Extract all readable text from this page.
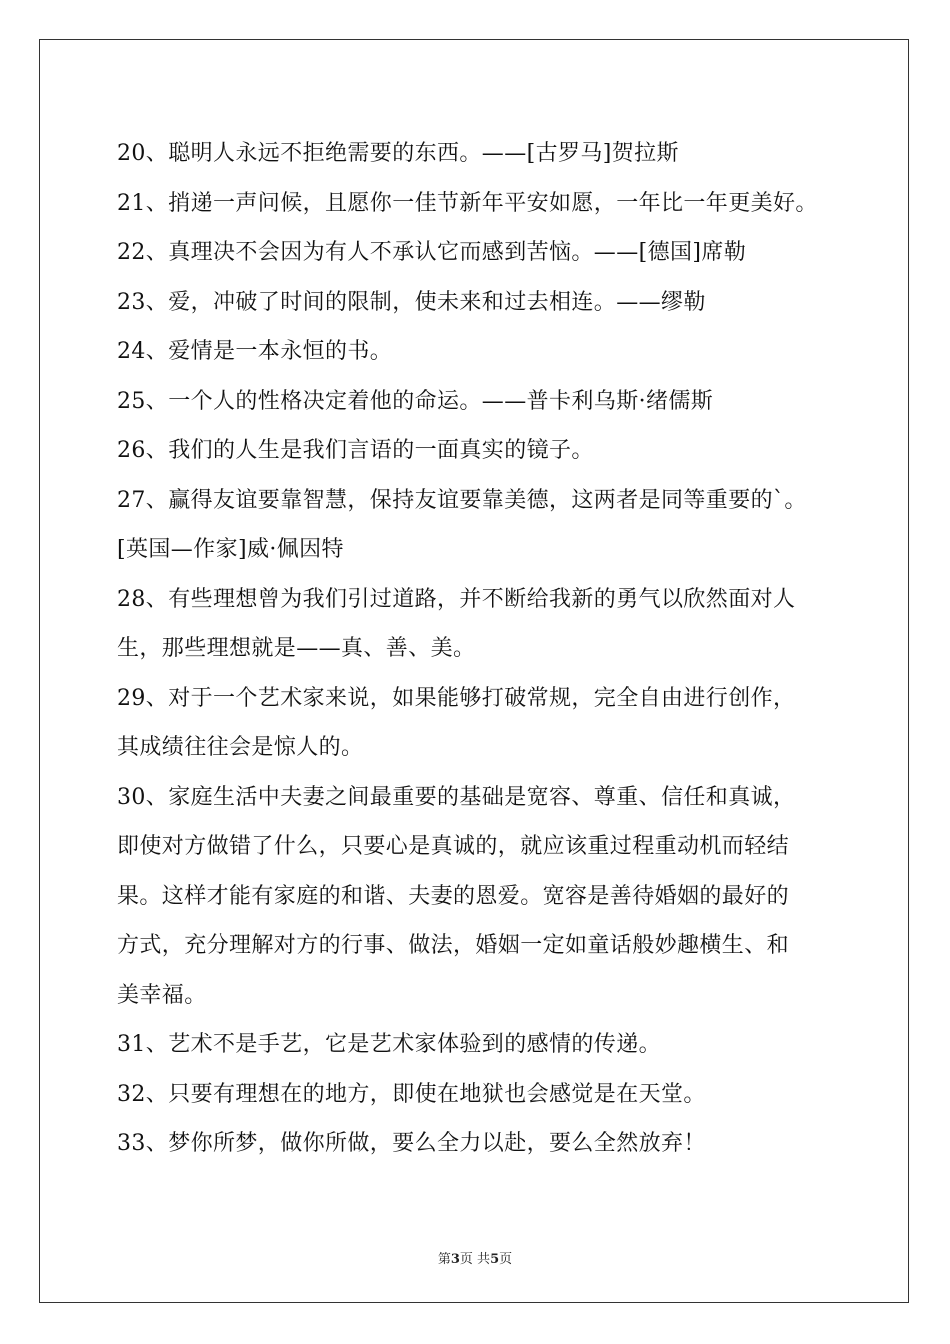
20、聪明人永远不拒绝需要的东西。——[古罗马]贺拉斯
21、捎递一声问候，且愿你一佳节新年平安如愿，一年比一年更美好。
22、真理决不会因为有人不承认它而感到苦恼。——[德国]席勒
23、爱，冲破了时间的限制，使未来和过去相连。——缪勒
24、爱情是一本永恒的书。
25、一个人的性格决定着他的命运。——普卡利乌斯·绪儒斯
26、我们的人生是我们言语的一面真实的镜子。
27、赢得友谊要靠智慧，保持友谊要靠美德，这两者是同等重要的`。
[英国—作家]威·佩因特
28、有些理想曾为我们引过道路，并不断给我新的勇气以欣然面对人
生，那些理想就是——真、善、美。
29、对于一个艺术家来说，如果能够打破常规，完全自由进行创作，
其成绩往往会是惊人的。
30、家庭生活中夫妻之间最重要的基础是宽容、尊重、信任和真诚，
即使对方做错了什么，只要心是真诚的，就应该重过程重动机而轻结
果。这样才能有家庭的和谐、夫妻的恩爱。宽容是善待婚姻的最好的
方式，充分理解对方的行事、做法，婚姻一定如童话般妙趣横生、和
美幸福。
31、艺术不是手艺，它是艺术家体验到的感情的传递。
32、只要有理想在的地方，即使在地狱也会感觉是在天堂。
33、梦你所梦，做你所做，要么全力以赴，要么全然放弃！
第3页 共5页
